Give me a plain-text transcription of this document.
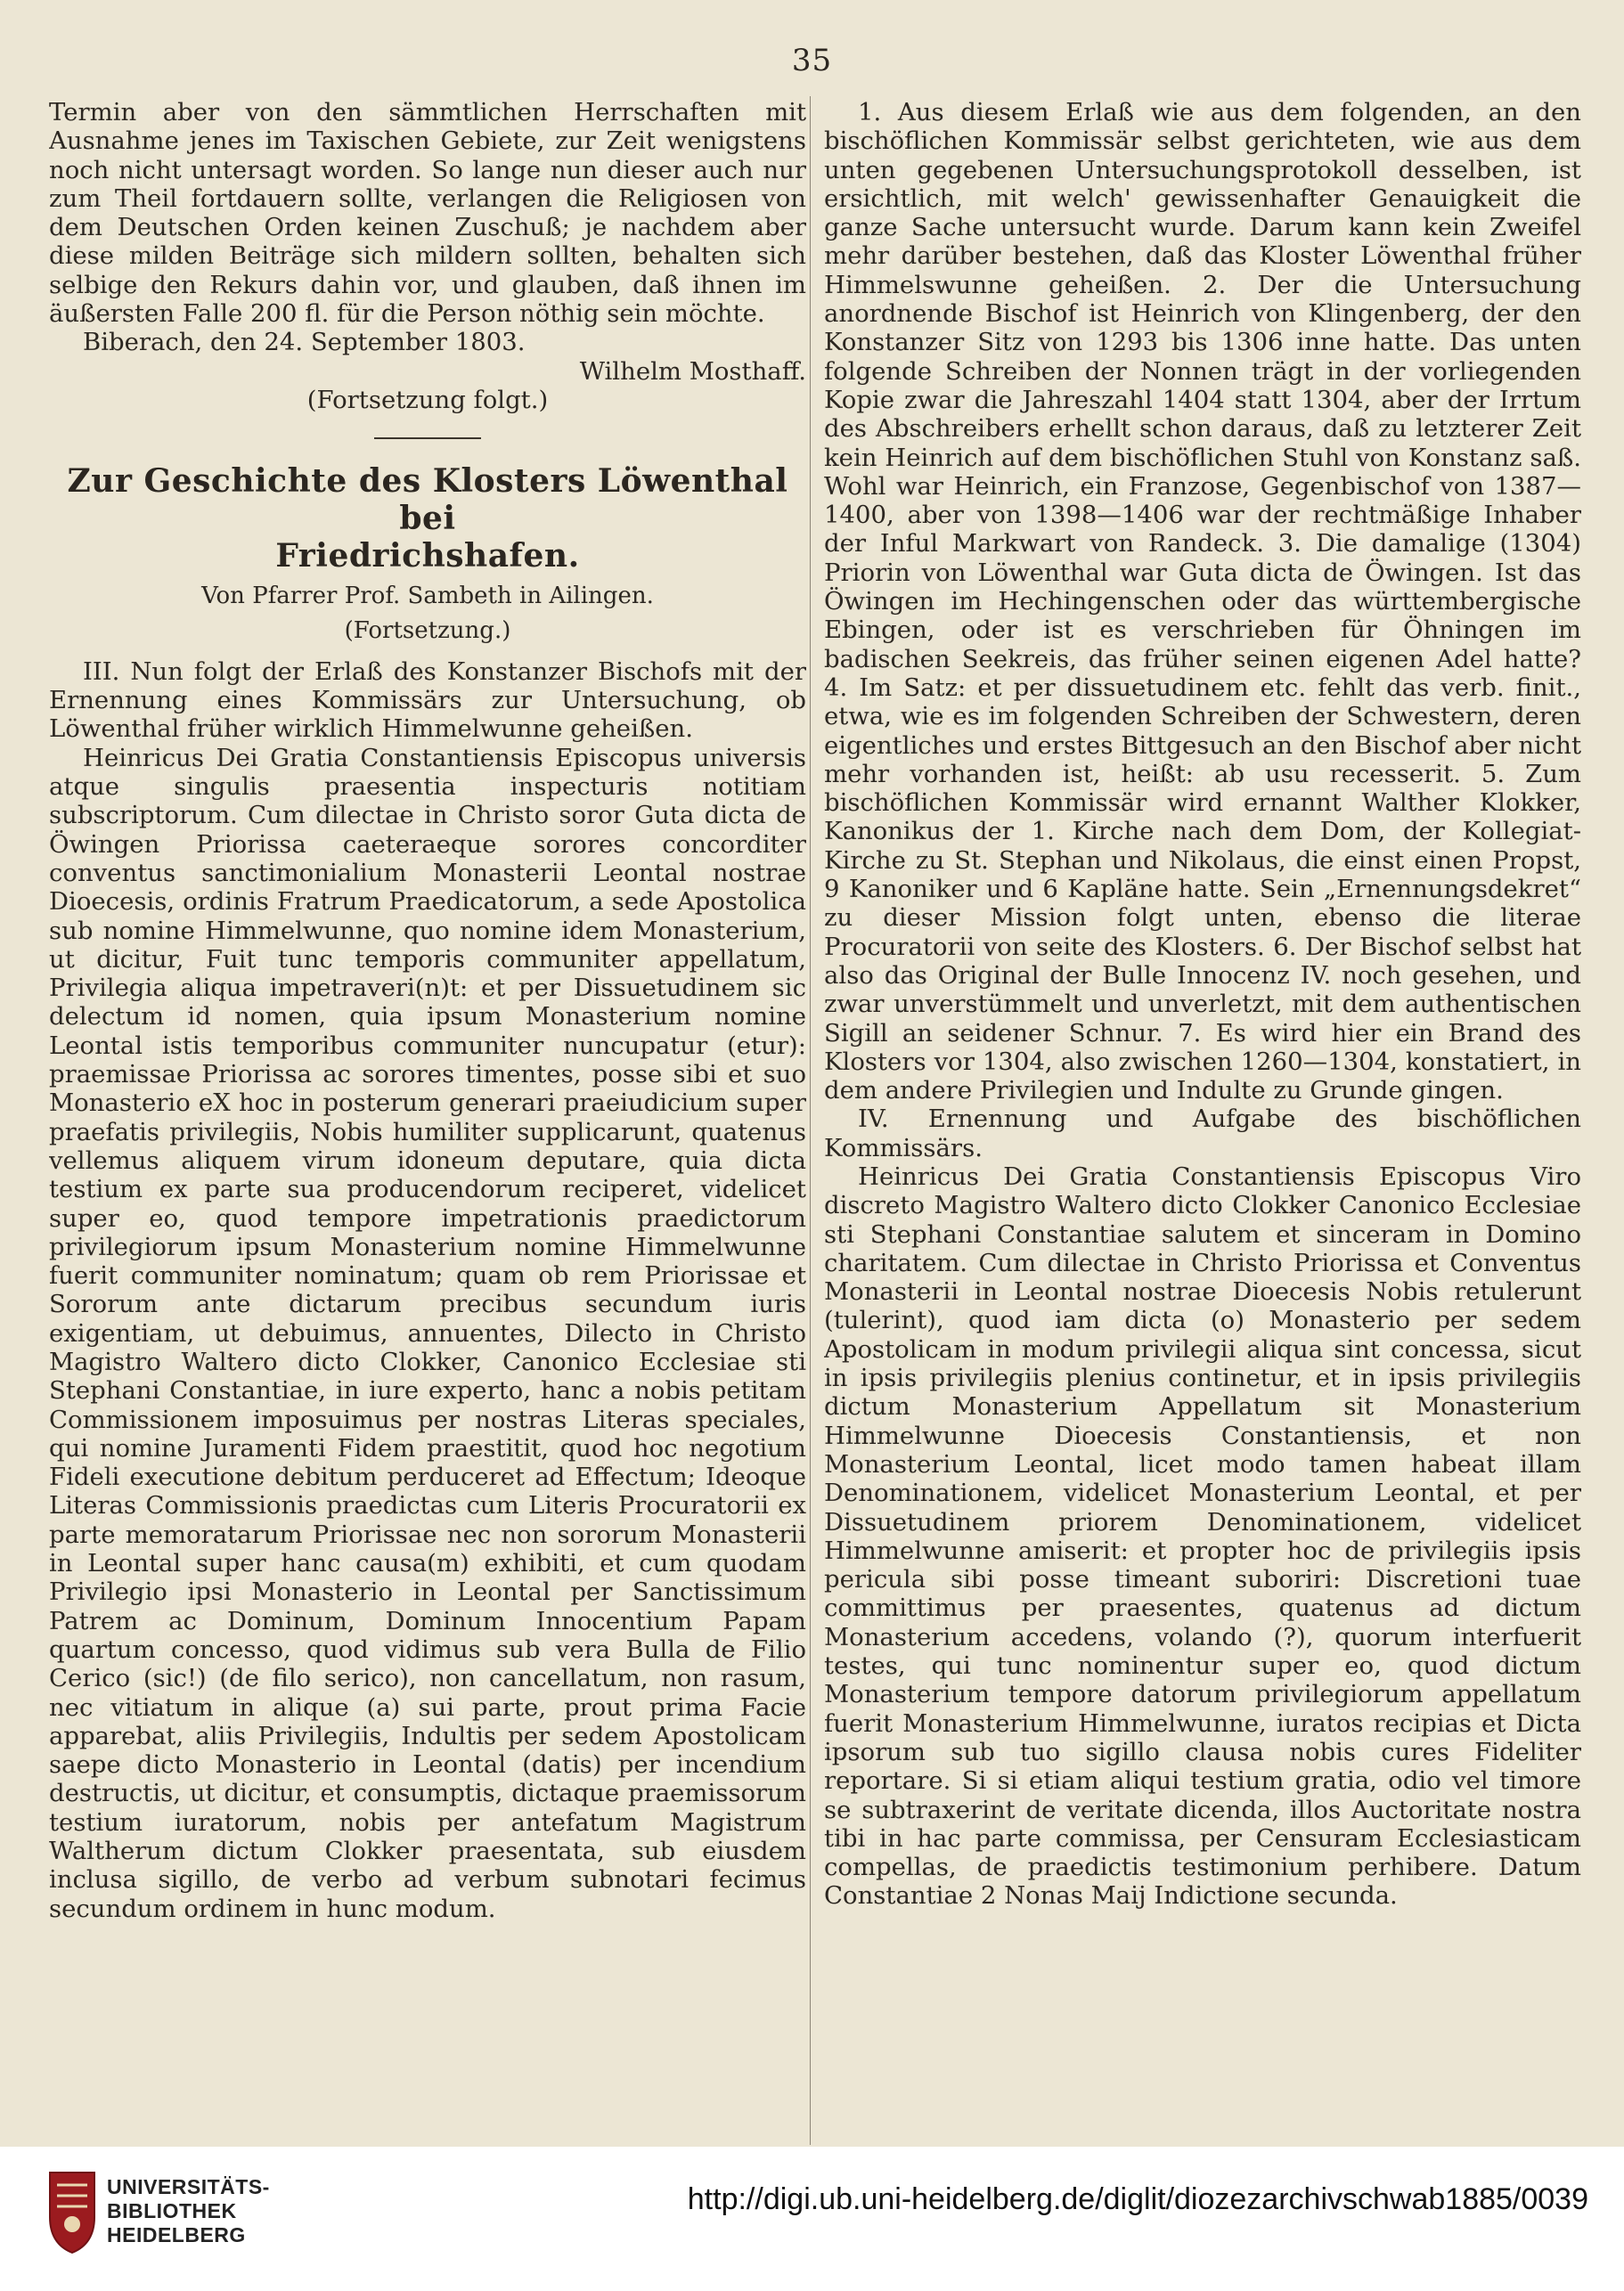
35

Termin aber von den sämmtlichen Herrschaften mit Ausnahme jenes im Taxischen Gebiete, zur Zeit wenigstens noch nicht untersagt worden. So lange nun dieser auch nur zum Theil fortdauern sollte, verlangen die Religiosen von dem Deutschen Orden keinen Zuschuß; je nachdem aber diese milden Beiträge sich mildern sollten, behalten sich selbige den Rekurs dahin vor, und glauben, daß ihnen im äußersten Falle 200 fl. für die Person nöthig sein möchte.

Biberach, den 24. September 1803.

Wilhelm Mosthaff.

(Fortsetzung folgt.)

Zur Geschichte des Klosters Löwenthal bei
Friedrichshafen.
Von Pfarrer Prof. Sambeth in Ailingen.
(Fortsetzung.)

III. Nun folgt der Erlaß des Konstanzer Bischofs mit der Ernennung eines Kommissärs zur Untersuchung, ob Löwenthal früher wirklich Himmelwunne geheißen.

Heinricus Dei Gratia Constantiensis Episcopus universis atque singulis praesentia inspecturis notitiam subscriptorum. Cum dilectae in Christo soror Guta dicta de Öwingen Priorissa caeteraeque sorores concorditer conventus sanctimonialium Monasterii Leontal nostrae Dioecesis, ordinis Fratrum Praedicatorum, a sede Apostolica sub nomine Himmelwunne, quo nomine idem Monasterium, ut dicitur, Fuit tunc temporis communiter appellatum, Privilegia aliqua impetraveri(n)t: et per Dissuetudinem sic delectum id nomen, quia ipsum Monasterium nomine Leontal istis temporibus communiter nuncupatur (etur): praemissae Priorissa ac sorores timentes, posse sibi et suo Monasterio eX hoc in posterum generari praeiudicium super praefatis privilegiis, Nobis humiliter supplicarunt, quatenus vellemus aliquem virum idoneum deputare, quia dicta testium ex parte sua producendorum reciperet, videlicet super eo, quod tempore impetrationis praedictorum privilegiorum ipsum Monasterium nomine Himmelwunne fuerit communiter nominatum; quam ob rem Priorissae et Sororum ante dictarum precibus secundum iuris exigentiam, ut debuimus, annuentes, Dilecto in Christo Magistro Waltero dicto Clokker, Canonico Ecclesiae sti Stephani Constantiae, in iure experto, hanc a nobis petitam Commissionem imposuimus per nostras Literas speciales, qui nomine Juramenti Fidem praestitit, quod hoc negotium Fideli executione debitum perduceret ad Effectum; Ideoque Literas Commissionis praedictas cum Literis Procuratorii ex parte memoratarum Priorissae nec non sororum Monasterii in Leontal super hanc causa(m) exhibiti, et cum quodam Privilegio ipsi Monasterio in Leontal per Sanctissimum Patrem ac Dominum, Dominum Innocentium Papam quartum concesso, quod vidimus sub vera Bulla de Filio Cerico (sic!) (de filo serico), non cancellatum, non rasum, nec vitiatum in alique (a) sui parte, prout prima Facie apparebat, aliis Privilegiis, Indultis per sedem Apostolicam saepe dicto Monasterio in Leontal (datis) per incendium destructis, ut dicitur, et consumptis, dictaque praemissorum testium iuratorum, nobis per antefatum Magistrum Waltherum dictum Clokker praesentata, sub eiusdem inclusa sigillo, de verbo ad verbum subnotari fecimus secundum ordinem in hunc modum.

1. Aus diesem Erlaß wie aus dem folgenden, an den bischöflichen Kommissär selbst gerichteten, wie aus dem unten gegebenen Untersuchungsprotokoll desselben, ist ersichtlich, mit welch' gewissenhafter Genauigkeit die ganze Sache untersucht wurde. Darum kann kein Zweifel mehr darüber bestehen, daß das Kloster Löwenthal früher Himmelswunne geheißen. 2. Der die Untersuchung anordnende Bischof ist Heinrich von Klingenberg, der den Konstanzer Sitz von 1293 bis 1306 inne hatte. Das unten folgende Schreiben der Nonnen trägt in der vorliegenden Kopie zwar die Jahreszahl 1404 statt 1304, aber der Irrtum des Abschreibers erhellt schon daraus, daß zu letzterer Zeit kein Heinrich auf dem bischöflichen Stuhl von Konstanz saß. Wohl war Heinrich, ein Franzose, Gegenbischof von 1387—1400, aber von 1398—1406 war der rechtmäßige Inhaber der Inful Markwart von Randeck. 3. Die damalige (1304) Priorin von Löwenthal war Guta dicta de Öwingen. Ist das Öwingen im Hechingenschen oder das württembergische Ebingen, oder ist es verschrieben für Öhningen im badischen Seekreis, das früher seinen eigenen Adel hatte? 4. Im Satz: et per dissuetudinem etc. fehlt das verb. finit., etwa, wie es im folgenden Schreiben der Schwestern, deren eigentliches und erstes Bittgesuch an den Bischof aber nicht mehr vorhanden ist, heißt: ab usu recesserit. 5. Zum bischöflichen Kommissär wird ernannt Walther Klokker, Kanonikus der 1. Kirche nach dem Dom, der Kollegiat-Kirche zu St. Stephan und Nikolaus, die einst einen Propst, 9 Kanoniker und 6 Kapläne hatte. Sein „Ernennungsdekret“ zu dieser Mission folgt unten, ebenso die literae Procuratorii von seite des Klosters. 6. Der Bischof selbst hat also das Original der Bulle Innocenz IV. noch gesehen, und zwar unverstümmelt und unverletzt, mit dem authentischen Sigill an seidener Schnur. 7. Es wird hier ein Brand des Klosters vor 1304, also zwischen 1260—1304, konstatiert, in dem andere Privilegien und Indulte zu Grunde gingen.

IV. Ernennung und Aufgabe des bischöflichen Kommissärs.

Heinricus Dei Gratia Constantiensis Episcopus Viro discreto Magistro Waltero dicto Clokker Canonico Ecclesiae sti Stephani Constantiae salutem et sinceram in Domino charitatem. Cum dilectae in Christo Priorissa et Conventus Monasterii in Leontal nostrae Dioecesis Nobis retulerunt (tulerint), quod iam dicta (o) Monasterio per sedem Apostolicam in modum privilegii aliqua sint concessa, sicut in ipsis privilegiis plenius continetur, et in ipsis privilegiis dictum Monasterium Appellatum sit Monasterium Himmelwunne Dioecesis Constantiensis, et non Monasterium Leontal, licet modo tamen habeat illam Denominationem, videlicet Monasterium Leontal, et per Dissuetudinem priorem Denominationem, videlicet Himmelwunne amiserit: et propter hoc de privilegiis ipsis pericula sibi posse timeant suboriri: Discretioni tuae committimus per praesentes, quatenus ad dictum Monasterium accedens, volando (?), quorum interfuerit testes, qui tunc nominentur super eo, quod dictum Monasterium tempore datorum privilegiorum appellatum fuerit Monasterium Himmelwunne, iuratos recipias et Dicta ipsorum sub tuo sigillo clausa nobis cures Fideliter reportare. Si si etiam aliqui testium gratia, odio vel timore se subtraxerint de veritate dicenda, illos Auctoritate nostra tibi in hac parte commissa, per Censuram Ecclesiasticam compellas, de praedictis testimonium perhibere. Datum Constantiae 2 Nonas Maij Indictione secunda.

UNIVERSITÄTS-
BIBLIOTHEK
HEIDELBERG
http://digi.ub.uni-heidelberg.de/diglit/diozezarchivschwab1885/0039
